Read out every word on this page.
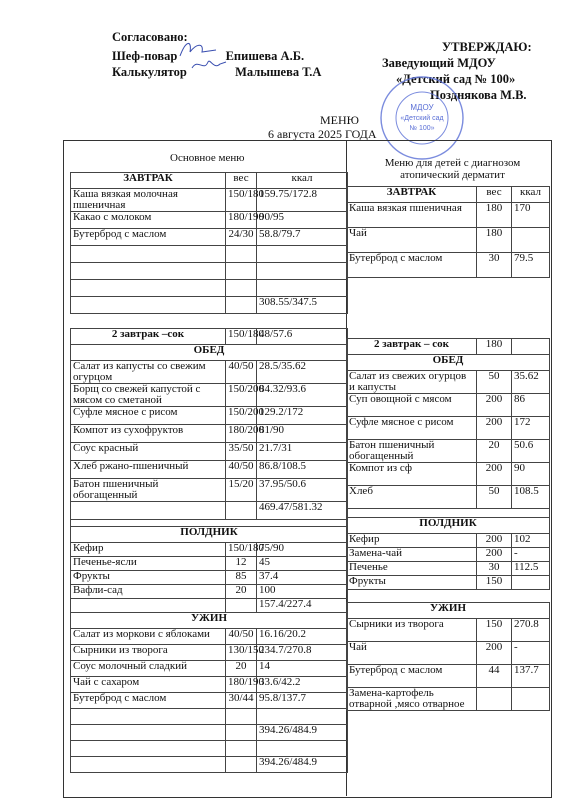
Согласовано:
Шеф-повар	Епишева А.Б.
Калькулятор	Малышева Т.А
УТВЕРЖДАЮ:
Заведующий МДОУ
«Детский сад № 100»
Позднякова М.В.
МДОУ
«Детский сад
№ 100»
МЕНЮ
6 августа 2025 ГОДА
Основное меню	Меню для детей с диагнозом атопический дерматит
ЗАВТРАК	вес	ккал
Каша вязкая молочная пшеничная	150/180	159.75/172.8
Какао с молоком	180/190	90/95
Бутерброд с маслом	24/30	58.8/79.7

		308.55/347.5

2 завтрак –сок	150/180	48/57.6
ОБЕД		
Салат из капусты со свежим огурцом	40/50	28.5/35.62
Борщ со свежей капустой с мясом со сметаной	150/200	84.32/93.6
Суфле мясное с рисом	150/200	129.2/172
Компот из сухофруктов	180/200	81/90
Соус красный	35/50	21.7/31
Хлеб ржано-пшеничный	40/50	86.8/108.5
Батон пшеничный обогащенный	15/20	37.95/50.6
		469.47/581.32

ПОЛДНИК		
Кефир	150/180	75/90
Печенье-ясли	12	45
Фрукты	85	37.4
Вафли-сад	20	100
		157.4/227.4
УЖИН		
Салат из моркови с яблоками	40/50	16.16/20.2
Сырники из творога	130/150	234.7/270.8
Соус молочный сладкий	20	14
Чай с сахаром	180/190	33.6/42.2
Бутерброд с маслом	30/44	95.8/137.7

		394.26/484.9

		394.26/484.9
ЗАВТРАК	вес	ккал
Каша вязкая пшеничная	180	170
Чай	180	
Бутерброд с маслом	30	79.5

2 завтрак – сок	180	
ОБЕД		
Салат из свежих огурцов и капусты	50	35.62
Суп овощной с мясом	200	86
Суфле мясное с рисом	200	172
Батон пшеничный обогащенный	20	50.6
Компот из сф	200	90
Хлеб	50	108.5

ПОЛДНИК		
Кефир	200	102
Замена-чай	200	-
Печенье	30	112.5
Фрукты	150	

УЖИН		
Сырники из творога	150	270.8
Чай	200	-
Бутерброд с маслом	44	137.7
Замена-картофель отварной ,мясо отварное		
